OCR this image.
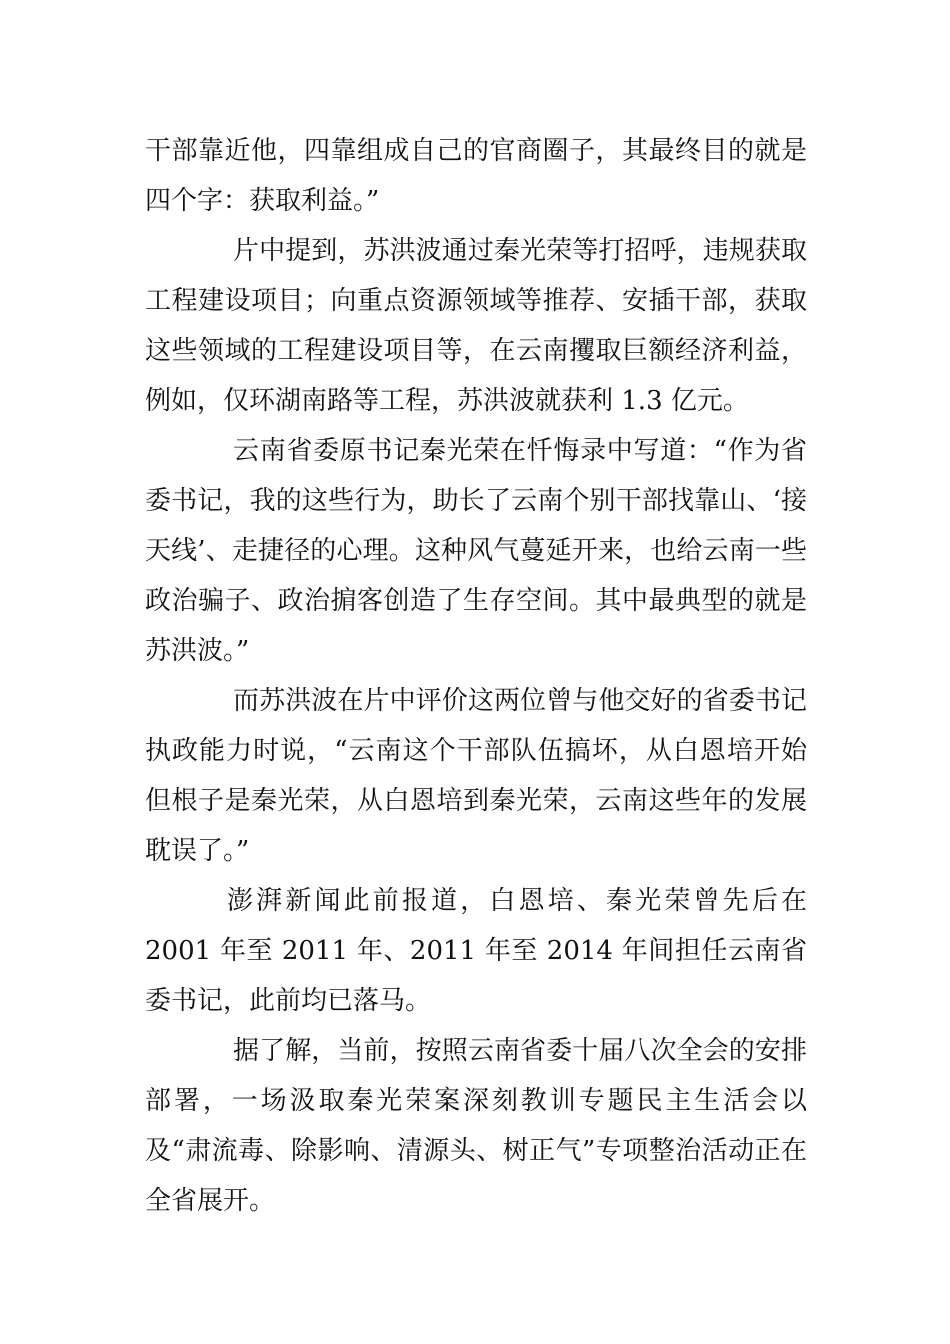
干部靠近他，四靠组成自己的官商圈子，其最终目的就是四个字：获取利益。”

片中提到，苏洪波通过秦光荣等打招呼，违规获取工程建设项目；向重点资源领域等推荐、安插干部，获取这些领域的工程建设项目等，在云南攫取巨额经济利益，例如，仅环湖南路等工程，苏洪波就获利 1.3 亿元。

云南省委原书记秦光荣在忏悔录中写道：“作为省委书记，我的这些行为，助长了云南个别干部找靠山、‘接天线’、走捷径的心理。这种风气蔓延开来，也给云南一些政治骗子、政治掮客创造了生存空间。其中最典型的就是苏洪波。”

而苏洪波在片中评价这两位曾与他交好的省委书记执政能力时说，“云南这个干部队伍搞坏，从白恩培开始但根子是秦光荣，从白恩培到秦光荣，云南这些年的发展耽误了。”

澎湃新闻此前报道，白恩培、秦光荣曾先后在 2001 年至 2011 年、2011 年至 2014 年间担任云南省委书记，此前均已落马。

据了解，当前，按照云南省委十届八次全会的安排部署，一场汲取秦光荣案深刻教训专题民主生活会以及“肃流毒、除影响、清源头、树正气”专项整治活动正在全省展开。
